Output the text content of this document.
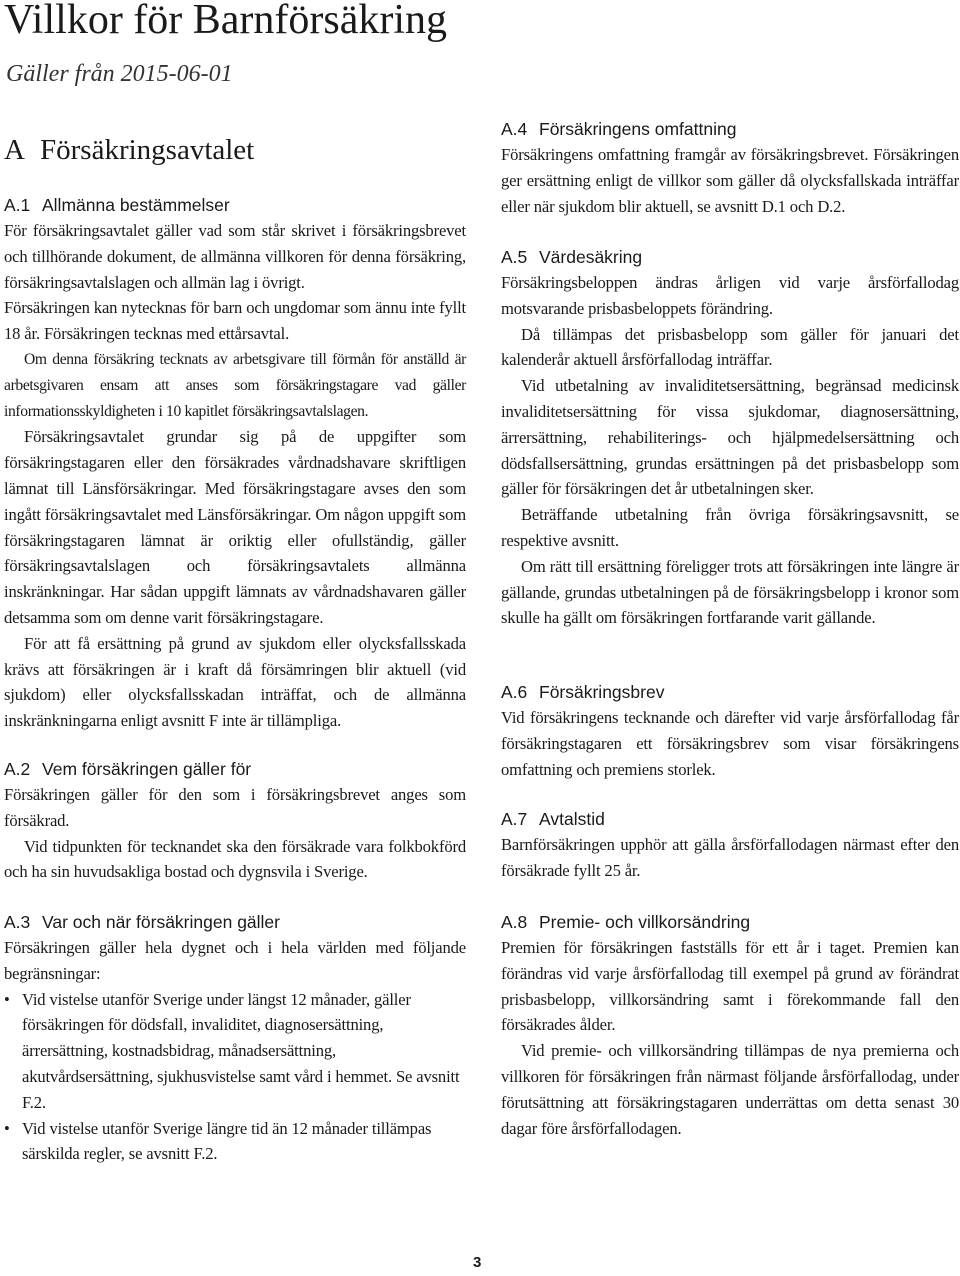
Villkor för Barnförsäkring

Gäller från 2015-06-01

A Försäkringsavtalet
A.1 Allmänna bestämmelser

För försäkringsavtalet gäller vad som står skrivet i försäkringsbrevet och tillhörande dokument, de allmänna villkoren för denna försäkring, försäkringsavtalslagen och allmän lag i övrigt.

Försäkringen kan nytecknas för barn och ungdomar som ännu inte fyllt 18 år. Försäkringen tecknas med ettårsavtal.

Om denna försäkring tecknats av arbetsgivare till förmån för anställd är arbetsgivaren ensam att anses som försäkringstagare vad gäller informationsskyldigheten i 10 kapitlet försäkringsavtalslagen.

Försäkringsavtalet grundar sig på de uppgifter som försäkringstagaren eller den försäkrades vårdnadshavare skriftligen lämnat till Länsförsäkringar. Med försäkringstagare avses den som ingått försäkringsavtalet med Länsförsäkringar. Om någon uppgift som försäkringstagaren lämnat är oriktig eller ofullständig, gäller försäkringsavtalslagen och försäkringsavtalets allmänna inskränkningar. Har sådan uppgift lämnats av vårdnadshavaren gäller detsamma som om denne varit försäkringstagare.

För att få ersättning på grund av sjukdom eller olycksfallsskada krävs att försäkringen är i kraft då försämringen blir aktuell (vid sjukdom) eller olycksfallsskadan inträffat, och de allmänna inskränkningarna enligt avsnitt F inte är tillämpliga.

A.2 Vem försäkringen gäller för

Försäkringen gäller för den som i försäkringsbrevet anges som försäkrad.

Vid tidpunkten för tecknandet ska den försäkrade vara folkbokförd och ha sin huvudsakliga bostad och dygnsvila i Sverige.

A.3 Var och när försäkringen gäller

Försäkringen gäller hela dygnet och i hela världen med följande begränsningar:

• Vid vistelse utanför Sverige under längst 12 månader, gäller försäkringen för dödsfall, invaliditet, diagnosersättning, ärrersättning, kostnadsbidrag, månadsersättning, akutvårdsersättning, sjukhusvistelse samt vård i hemmet. Se avsnitt F.2.
• Vid vistelse utanför Sverige längre tid än 12 månader tillämpas särskilda regler, se avsnitt F.2.
A.4 Försäkringens omfattning

Försäkringens omfattning framgår av försäkringsbrevet. Försäkringen ger ersättning enligt de villkor som gäller då olycksfallskada inträffar eller när sjukdom blir aktuell, se avsnitt D.1 och D.2.

A.5 Värdesäkring

Försäkringsbeloppen ändras årligen vid varje årsförfallodag motsvarande prisbasbeloppets förändring.

Då tillämpas det prisbasbelopp som gäller för januari det kalenderår aktuell årsförfallodag inträffar.

Vid utbetalning av invaliditetsersättning, begränsad medicinsk invaliditetsersättning för vissa sjukdomar, diagnosersättning, ärrersättning, rehabiliterings- och hjälpmedelsersättning och dödsfallsersättning, grundas ersättningen på det prisbasbelopp som gäller för försäkringen det år utbetalningen sker.

Beträffande utbetalning från övriga försäkringsavsnitt, se respektive avsnitt.

Om rätt till ersättning föreligger trots att försäkringen inte längre är gällande, grundas utbetalningen på de försäkringsbelopp i kronor som skulle ha gällt om försäkringen fortfarande varit gällande.

A.6 Försäkringsbrev

Vid försäkringens tecknande och därefter vid varje årsförfallodag får försäkringstagaren ett försäkringsbrev som visar försäkringens omfattning och premiens storlek.

A.7 Avtalstid

Barnförsäkringen upphör att gälla årsförfallodagen närmast efter den försäkrade fyllt 25 år.

A.8 Premie- och villkorsändring

Premien för försäkringen fastställs för ett år i taget. Premien kan förändras vid varje årsförfallodag till exempel på grund av förändrat prisbasbelopp, villkorsändring samt i förekommande fall den försäkrades ålder.

Vid premie- och villkorsändring tillämpas de nya premierna och villkoren för försäkringen från närmast följande årsförfallodag, under förutsättning att försäkringstagaren underrättas om detta senast 30 dagar före årsförfallodagen.

3
